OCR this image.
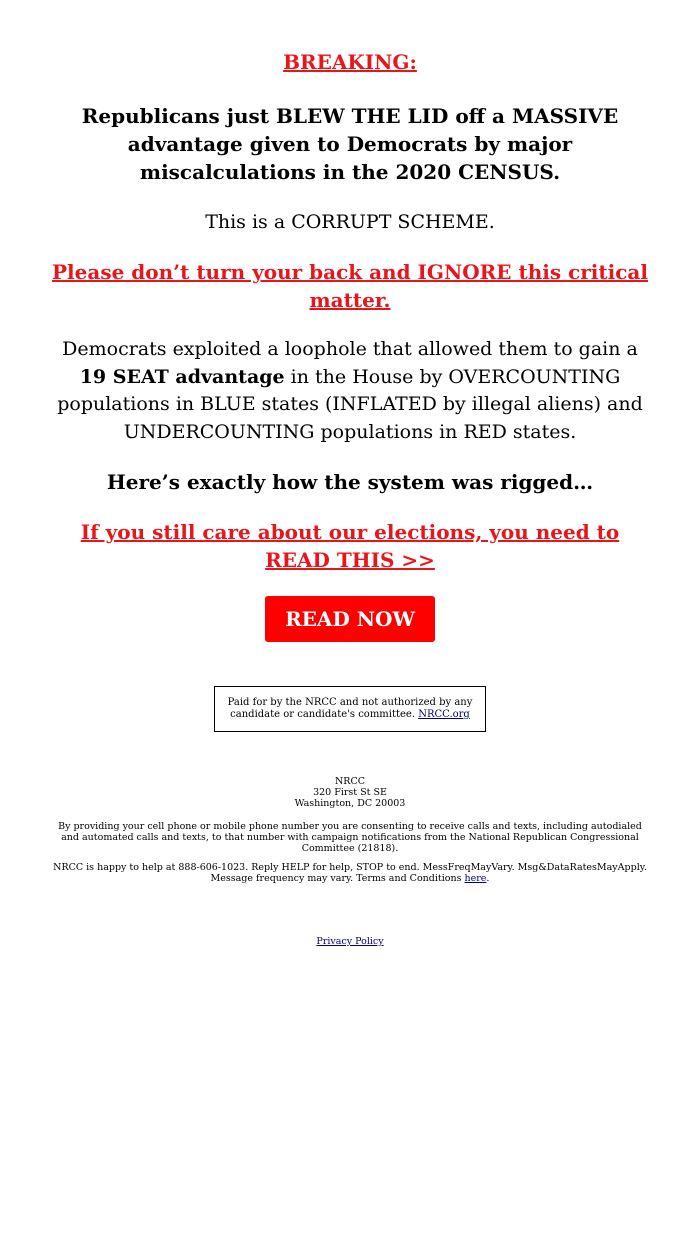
BREAKING:
Republicans just BLEW THE LID off a MASSIVE advantage given to Democrats by major miscalculations in the 2020 CENSUS.
This is a CORRUPT SCHEME.
Please don’t turn your back and IGNORE this critical matter.
Democrats exploited a loophole that allowed them to gain a 19 SEAT advantage in the House by OVERCOUNTING populations in BLUE states (INFLATED by illegal aliens) and UNDERCOUNTING populations in RED states.
Here’s exactly how the system was rigged…
If you still care about our elections, you need to READ THIS >>
READ NOW
Paid for by the NRCC and not authorized by any candidate or candidate's committee. NRCC.org
NRCC
320 First St SE
Washington, DC 20003
By providing your cell phone or mobile phone number you are consenting to receive calls and texts, including autodialed and automated calls and texts, to that number with campaign notifications from the National Republican Congressional Committee (21818).
NRCC is happy to help at 888-606-1023. Reply HELP for help, STOP to end. MessFreqMayVary. Msg&DataRatesMayApply. Message frequency may vary. Terms and Conditions here.
Privacy Policy
